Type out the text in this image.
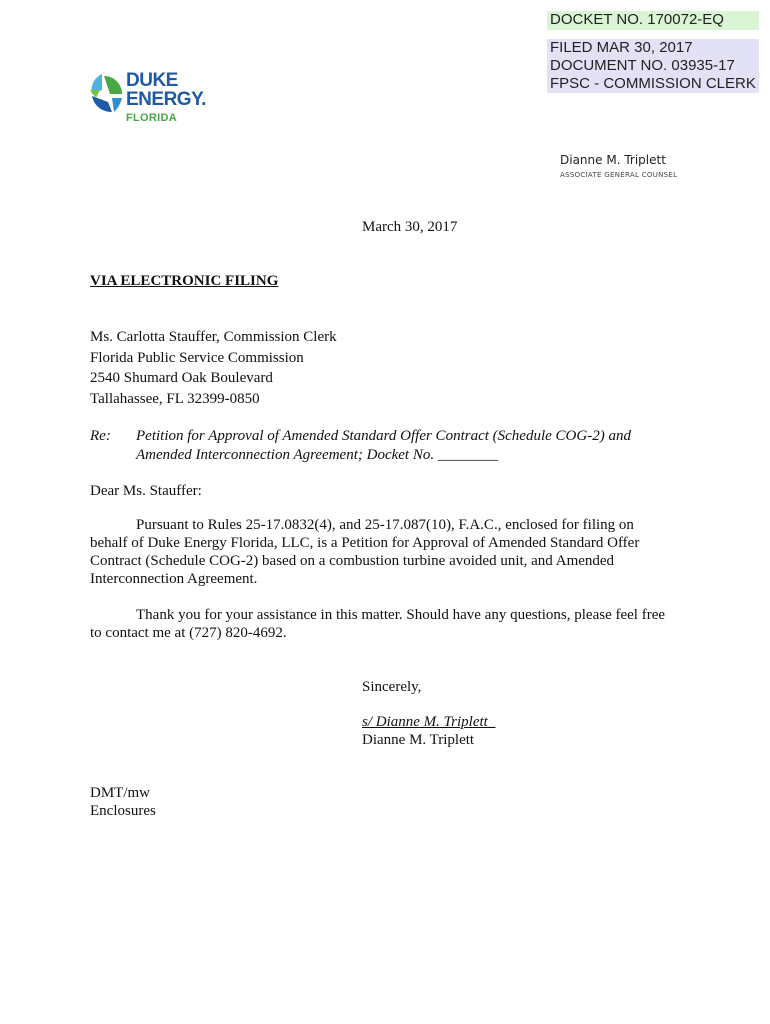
DOCKET NO. 170072-EQ
FILED MAR 30, 2017
DOCUMENT NO. 03935-17
FPSC - COMMISSION CLERK
DUKE
ENERGY.
FLORIDA
Dianne M. Triplett
ASSOCIATE GENERAL COUNSEL
March 30, 2017
VIA ELECTRONIC FILING
Ms. Carlotta Stauffer, Commission Clerk
Florida Public Service Commission
2540 Shumard Oak Boulevard
Tallahassee, FL 32399-0850
Re: Petition for Approval of Amended Standard Offer Contract (Schedule COG-2) and
Amended Interconnection Agreement; Docket No. ________
Dear Ms. Stauffer:
Pursuant to Rules 25-17.0832(4), and 25-17.087(10), F.A.C., enclosed for filing on
behalf of Duke Energy Florida, LLC, is a Petition for Approval of Amended Standard Offer
Contract (Schedule COG-2) based on a combustion turbine avoided unit, and Amended
Interconnection Agreement.
Thank you for your assistance in this matter. Should have any questions, please feel free
to contact me at (727) 820-4692.
Sincerely,
s/ Dianne M. Triplett_
Dianne M. Triplett
DMT/mw
Enclosures
